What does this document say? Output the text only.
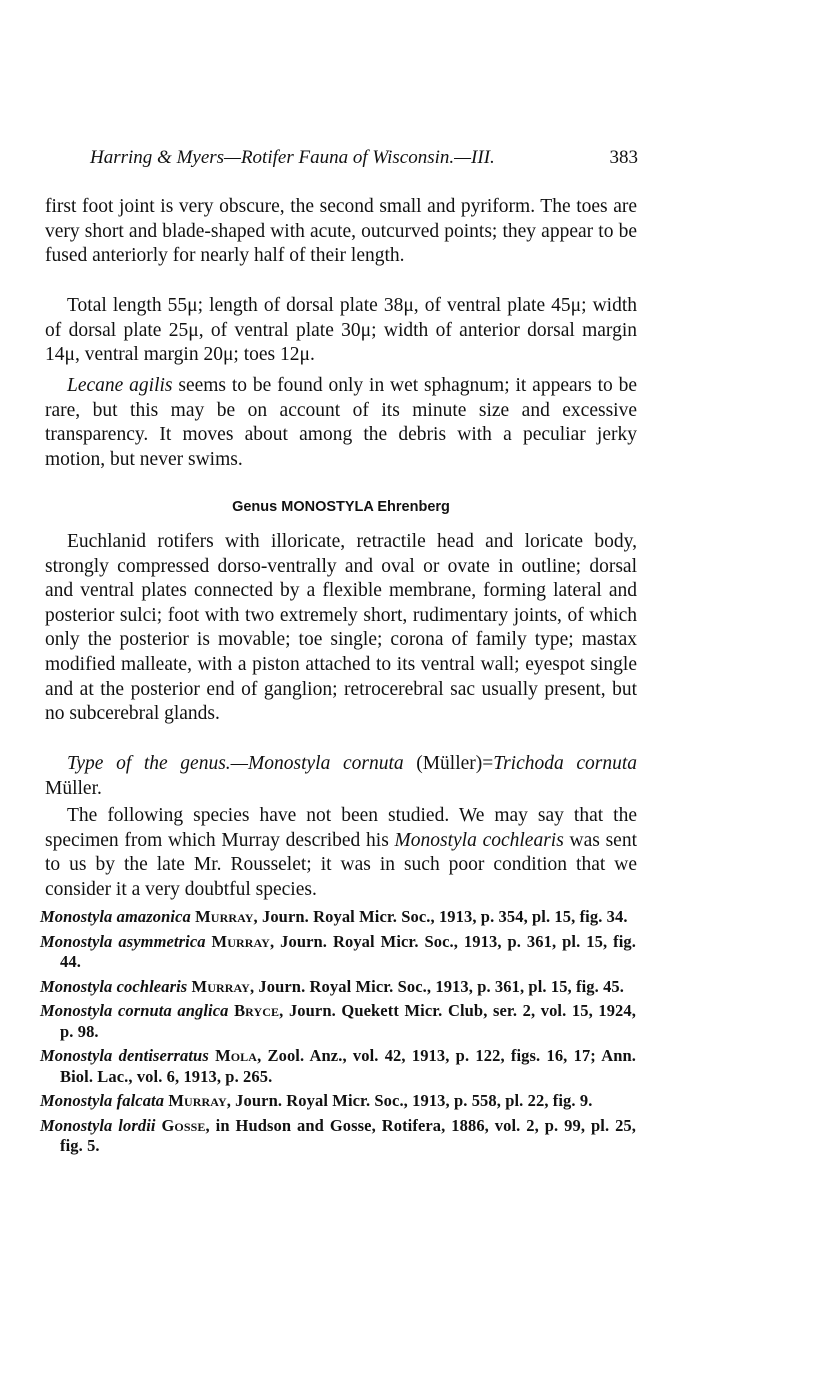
Harring & Myers—Rotifer Fauna of Wisconsin.—III.	383

first foot joint is very obscure, the second small and pyriform. The toes are very short and blade-shaped with acute, outcurved points; they appear to be fused anteriorly for nearly half of their length.

Total length 55μ; length of dorsal plate 38μ, of ventral plate 45μ; width of dorsal plate 25μ, of ventral plate 30μ; width of anterior dorsal margin 14μ, ventral margin 20μ; toes 12μ.

Lecane agilis seems to be found only in wet sphagnum; it appears to be rare, but this may be on account of its minute size and excessive transparency. It moves about among the debris with a peculiar jerky motion, but never swims.

Genus MONOSTYLA Ehrenberg

Euchlanid rotifers with illoricate, retractile head and loricate body, strongly compressed dorso-ventrally and oval or ovate in outline; dorsal and ventral plates connected by a flexible membrane, forming lateral and posterior sulci; foot with two extremely short, rudimentary joints, of which only the posterior is movable; toe single; corona of family type; mastax modified malleate, with a piston attached to its ventral wall; eyespot single and at the posterior end of ganglion; retrocerebral sac usually present, but no subcerebral glands.

Type of the genus.—Monostyla cornuta (Müller)=Trichoda cornuta Müller.

The following species have not been studied. We may say that the specimen from which Murray described his Monostyla cochlearis was sent to us by the late Mr. Rousselet; it was in such poor condition that we consider it a very doubtful species.

Monostyla amazonica Murray, Journ. Royal Micr. Soc., 1913, p. 354, pl. 15, fig. 34.
Monostyla asymmetrica Murray, Journ. Royal Micr. Soc., 1913, p. 361, pl. 15, fig. 44.
Monostyla cochlearis Murray, Journ. Royal Micr. Soc., 1913, p. 361, pl. 15, fig. 45.
Monostyla cornuta anglica Bryce, Journ. Quekett Micr. Club, ser. 2, vol. 15, 1924, p. 98.
Monostyla dentiserratus Mola, Zool. Anz., vol. 42, 1913, p. 122, figs. 16, 17; Ann. Biol. Lac., vol. 6, 1913, p. 265.
Monostyla falcata Murray, Journ. Royal Micr. Soc., 1913, p. 558, pl. 22, fig. 9.
Monostyla lordii Gosse, in Hudson and Gosse, Rotifera, 1886, vol. 2, p. 99, pl. 25, fig. 5.
